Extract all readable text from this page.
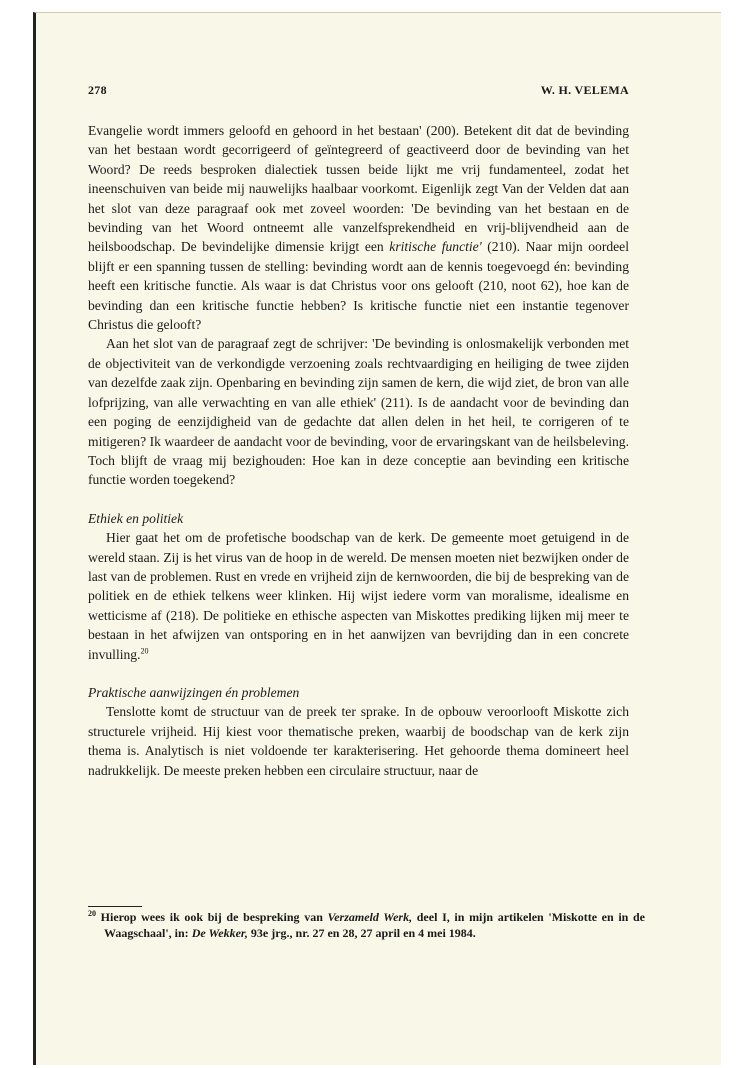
278	W. H. VELEMA

Evangelie wordt immers geloofd en gehoord in het bestaan' (200). Betekent dit dat de bevinding van het bestaan wordt gecorrigeerd of geïntegreerd of geactiveerd door de bevinding van het Woord? De reeds besproken dialectiek tussen beide lijkt me vrij fundamenteel, zodat het ineenschuiven van beide mij nauwelijks haalbaar voorkomt. Eigenlijk zegt Van der Velden dat aan het slot van deze paragraaf ook met zoveel woorden: 'De bevinding van het bestaan en de bevinding van het Woord ontneemt alle vanzelfsprekendheid en vrij-blijvendheid aan de heilsboodschap. De bevindelijke dimensie krijgt een kritische functie' (210). Naar mijn oordeel blijft er een spanning tussen de stelling: bevinding wordt aan de kennis toegevoegd én: bevinding heeft een kritische functie. Als waar is dat Christus voor ons gelooft (210, noot 62), hoe kan de bevinding dan een kritische functie hebben? Is kritische functie niet een instantie tegenover Christus die gelooft?

Aan het slot van de paragraaf zegt de schrijver: 'De bevinding is onlosmakelijk verbonden met de objectiviteit van de verkondigde verzoening zoals rechtvaardiging en heiliging de twee zijden van dezelfde zaak zijn. Openbaring en bevinding zijn samen de kern, die wijd ziet, de bron van alle lofprijzing, van alle verwachting en van alle ethiek' (211). Is de aandacht voor de bevinding dan een poging de eenzijdigheid van de gedachte dat allen delen in het heil, te corrigeren of te mitigeren? Ik waardeer de aandacht voor de bevinding, voor de ervaringskant van de heilsbeleving. Toch blijft de vraag mij bezighouden: Hoe kan in deze conceptie aan bevinding een kritische functie worden toegekend?

Ethiek en politiek

Hier gaat het om de profetische boodschap van de kerk. De gemeente moet getuigend in de wereld staan. Zij is het virus van de hoop in de wereld. De mensen moeten niet bezwijken onder de last van de problemen. Rust en vrede en vrijheid zijn de kernwoorden, die bij de bespreking van de politiek en de ethiek telkens weer klinken. Hij wijst iedere vorm van moralisme, idealisme en wetticisme af (218). De politieke en ethische aspecten van Miskottes prediking lijken mij meer te bestaan in het afwijzen van ontsporing en in het aanwijzen van bevrijding dan in een concrete invulling.$^{20}$

Praktische aanwijzingen én problemen

Tenslotte komt de structuur van de preek ter sprake. In de opbouw veroorlooft Miskotte zich structurele vrijheid. Hij kiest voor thematische preken, waarbij de boodschap van de kerk zijn thema is. Analytisch is niet voldoende ter karakterisering. Het gehoorde thema domineert heel nadrukkelijk. De meeste preken hebben een circulaire structuur, naar de

$^{20}$ Hierop wees ik ook bij de bespreking van Verzameld Werk, deel I, in mijn artikelen 'Miskotte en in de Waagschaal', in: De Wekker, 93e jrg., nr. 27 en 28, 27 april en 4 mei 1984.
